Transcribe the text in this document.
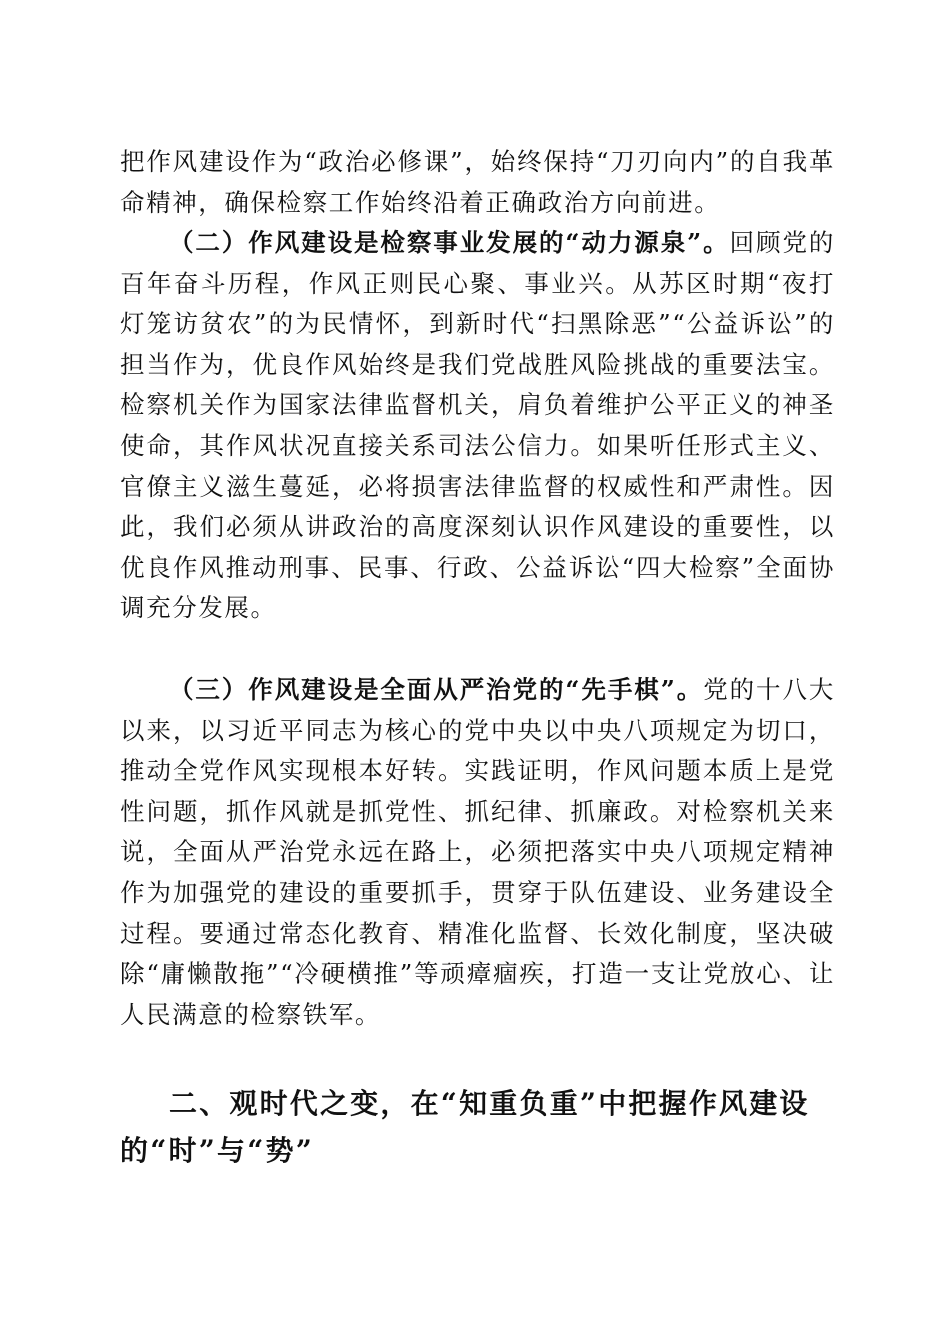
把作风建设作为“政治必修课”，始终保持“刀刃向内”的自我革命精神，确保检察工作始终沿着正确政治方向前进。

（二）作风建设是检察事业发展的“动力源泉”。回顾党的百年奋斗历程，作风正则民心聚、事业兴。从苏区时期“夜打灯笼访贫农”的为民情怀，到新时代“扫黑除恶”“公益诉讼”的担当作为，优良作风始终是我们党战胜风险挑战的重要法宝。检察机关作为国家法律监督机关，肩负着维护公平正义的神圣使命，其作风状况直接关系司法公信力。如果听任形式主义、官僚主义滋生蔓延，必将损害法律监督的权威性和严肃性。因此，我们必须从讲政治的高度深刻认识作风建设的重要性，以优良作风推动刑事、民事、行政、公益诉讼“四大检察”全面协调充分发展。

（三）作风建设是全面从严治党的“先手棋”。党的十八大以来，以习近平同志为核心的党中央以中央八项规定为切口，推动全党作风实现根本好转。实践证明，作风问题本质上是党性问题，抓作风就是抓党性、抓纪律、抓廉政。对检察机关来说，全面从严治党永远在路上，必须把落实中央八项规定精神作为加强党的建设的重要抓手，贯穿于队伍建设、业务建设全过程。要通过常态化教育、精准化监督、长效化制度，坚决破除“庸懒散拖”“冷硬横推”等顽瘴痼疾，打造一支让党放心、让人民满意的检察铁军。

二、观时代之变，在“知重负重”中把握作风建设的“时”与“势”
